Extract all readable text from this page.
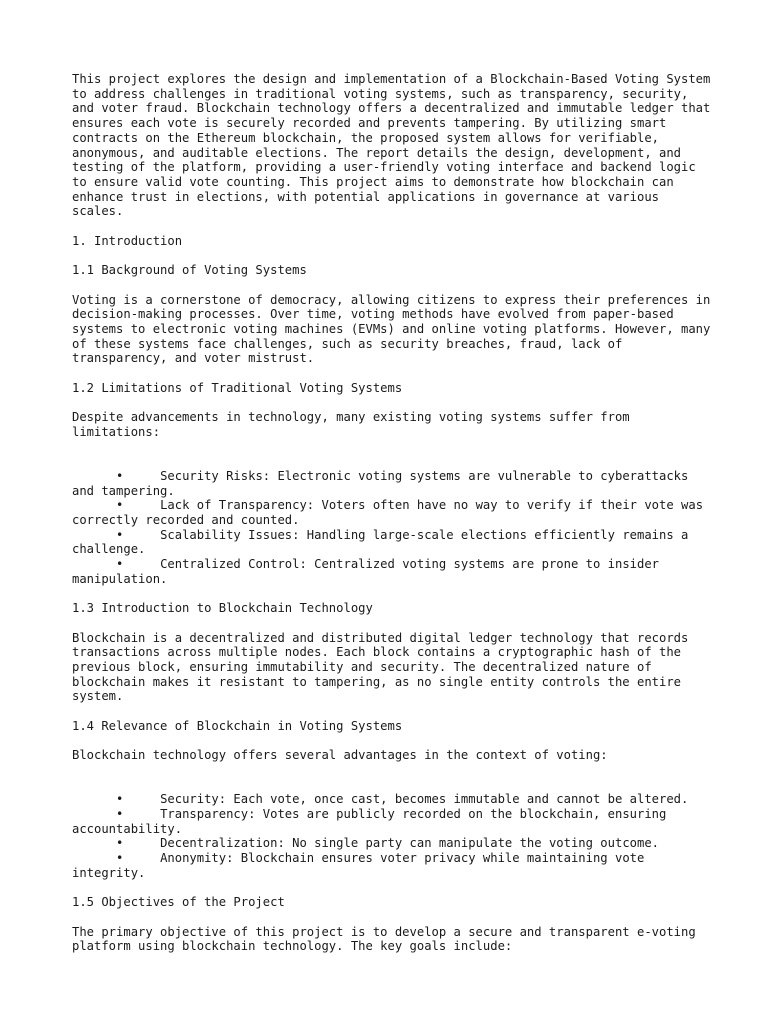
This project explores the design and implementation of a Blockchain-Based Voting System to address challenges in traditional voting systems, such as transparency, security, and voter fraud. Blockchain technology offers a decentralized and immutable ledger that ensures each vote is securely recorded and prevents tampering. By utilizing smart contracts on the Ethereum blockchain, the proposed system allows for verifiable, anonymous, and auditable elections. The report details the design, development, and testing of the platform, providing a user-friendly voting interface and backend logic to ensure valid vote counting. This project aims to demonstrate how blockchain can enhance trust in elections, with potential applications in governance at various scales.

1. Introduction

1.1 Background of Voting Systems

Voting is a cornerstone of democracy, allowing citizens to express their preferences in decision-making processes. Over time, voting methods have evolved from paper-based systems to electronic voting machines (EVMs) and online voting platforms. However, many of these systems face challenges, such as security breaches, fraud, lack of transparency, and voter mistrust.

1.2 Limitations of Traditional Voting Systems

Despite advancements in technology, many existing voting systems suffer from limitations:

•	Security Risks: Electronic voting systems are vulnerable to cyberattacks and tampering.
•	Lack of Transparency: Voters often have no way to verify if their vote was correctly recorded and counted.
•	Scalability Issues: Handling large-scale elections efficiently remains a challenge.
•	Centralized Control: Centralized voting systems are prone to insider manipulation.

1.3 Introduction to Blockchain Technology

Blockchain is a decentralized and distributed digital ledger technology that records transactions across multiple nodes. Each block contains a cryptographic hash of the previous block, ensuring immutability and security. The decentralized nature of blockchain makes it resistant to tampering, as no single entity controls the entire system.

1.4 Relevance of Blockchain in Voting Systems

Blockchain technology offers several advantages in the context of voting:

•	Security: Each vote, once cast, becomes immutable and cannot be altered.
•	Transparency: Votes are publicly recorded on the blockchain, ensuring accountability.
•	Decentralization: No single party can manipulate the voting outcome.
•	Anonymity: Blockchain ensures voter privacy while maintaining vote integrity.

1.5 Objectives of the Project

The primary objective of this project is to develop a secure and transparent e-voting platform using blockchain technology. The key goals include:
